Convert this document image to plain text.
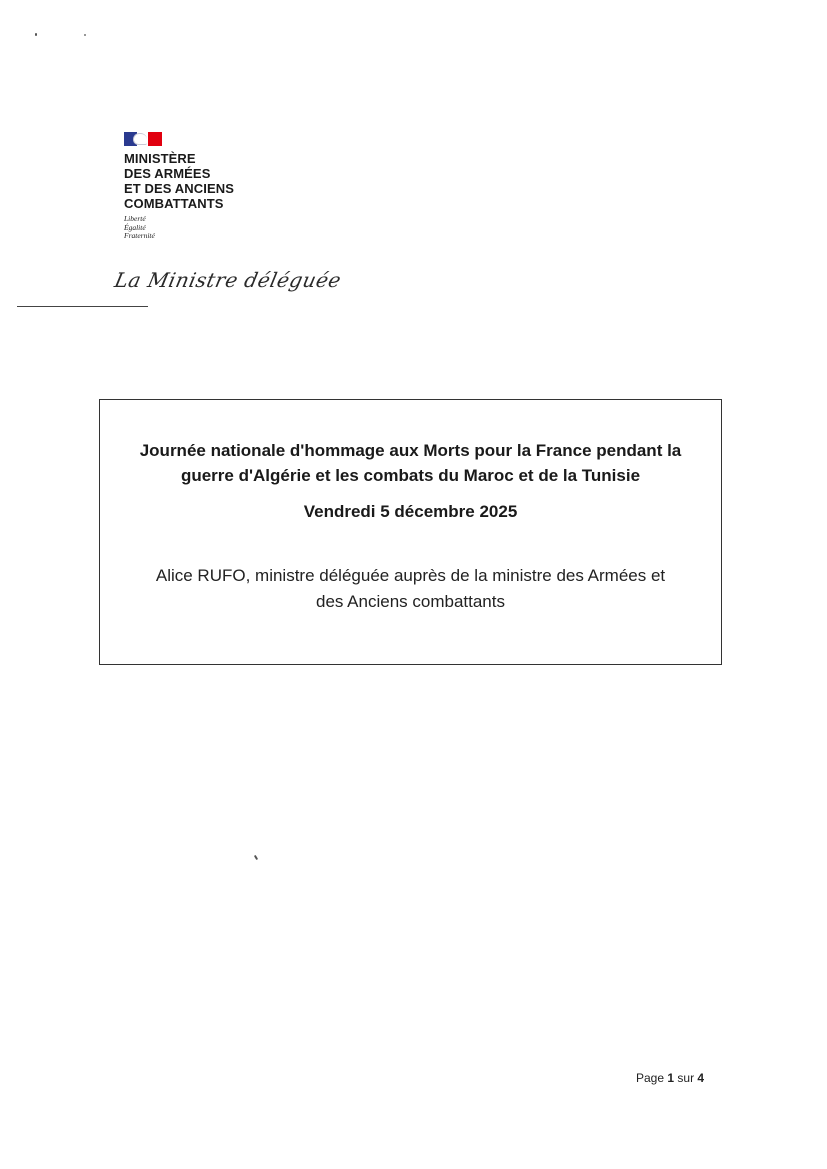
MINISTÈRE
DES ARMÉES
ET DES ANCIENS
COMBATTANTS
Liberté
Égalité
Fraternité
La Ministre déléguée
Journée nationale d'hommage aux Morts pour la France pendant la
guerre d'Algérie et les combats du Maroc et de la Tunisie
Vendredi 5 décembre 2025
Alice RUFO, ministre déléguée auprès de la ministre des Armées et
des Anciens combattants
Page 1 sur 4
